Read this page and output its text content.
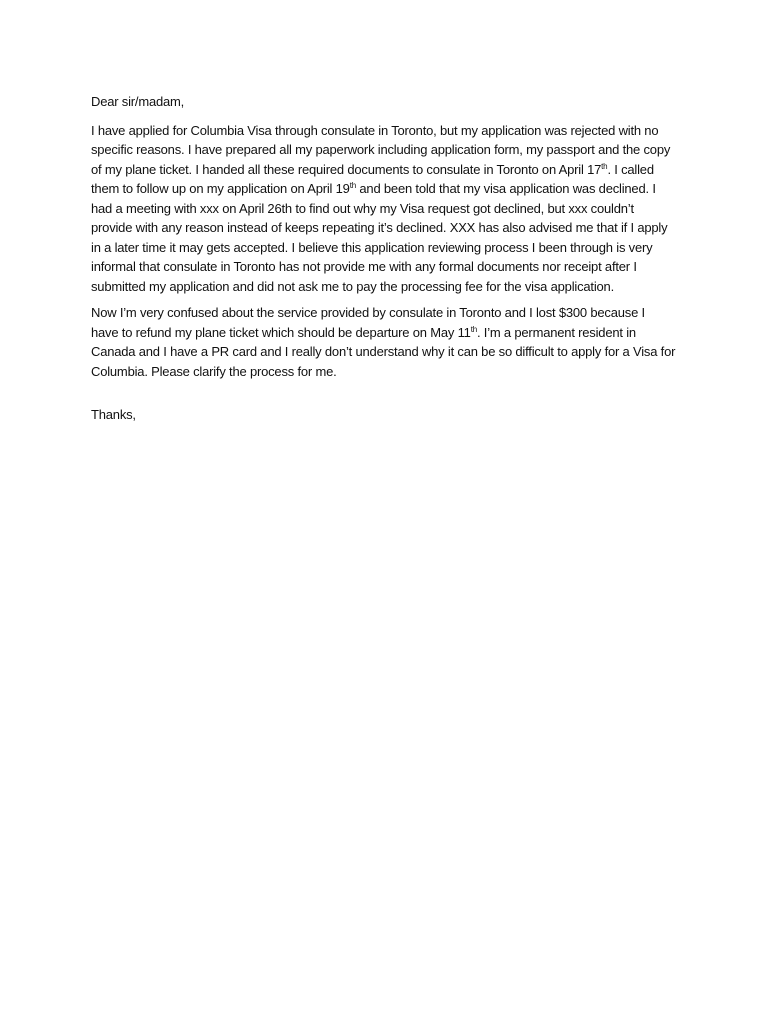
Dear sir/madam,
I have applied for Columbia Visa through consulate in Toronto, but my application was rejected with no
specific reasons. I have prepared all my paperwork including application form, my passport and the copy
of my plane ticket. I handed all these required documents to consulate in Toronto on April 17th. I called
them to follow up on my application on April 19th and been told that my visa application was declined. I
had a meeting with xxx on April 26th to find out why my Visa request got declined, but xxx couldn’t
provide with any reason instead of keeps repeating it’s declined. XXX has also advised me that if I apply
in a later time it may gets accepted. I believe this application reviewing process I been through is very
informal that consulate in Toronto has not provide me with any formal documents nor receipt after I
submitted my application and did not ask me to pay the processing fee for the visa application.
Now I’m very confused about the service provided by consulate in Toronto and I lost $300 because I
have to refund my plane ticket which should be departure on May 11th. I’m a permanent resident in
Canada and I have a PR card and I really don’t understand why it can be so difficult to apply for a Visa for
Columbia. Please clarify the process for me.
Thanks,
